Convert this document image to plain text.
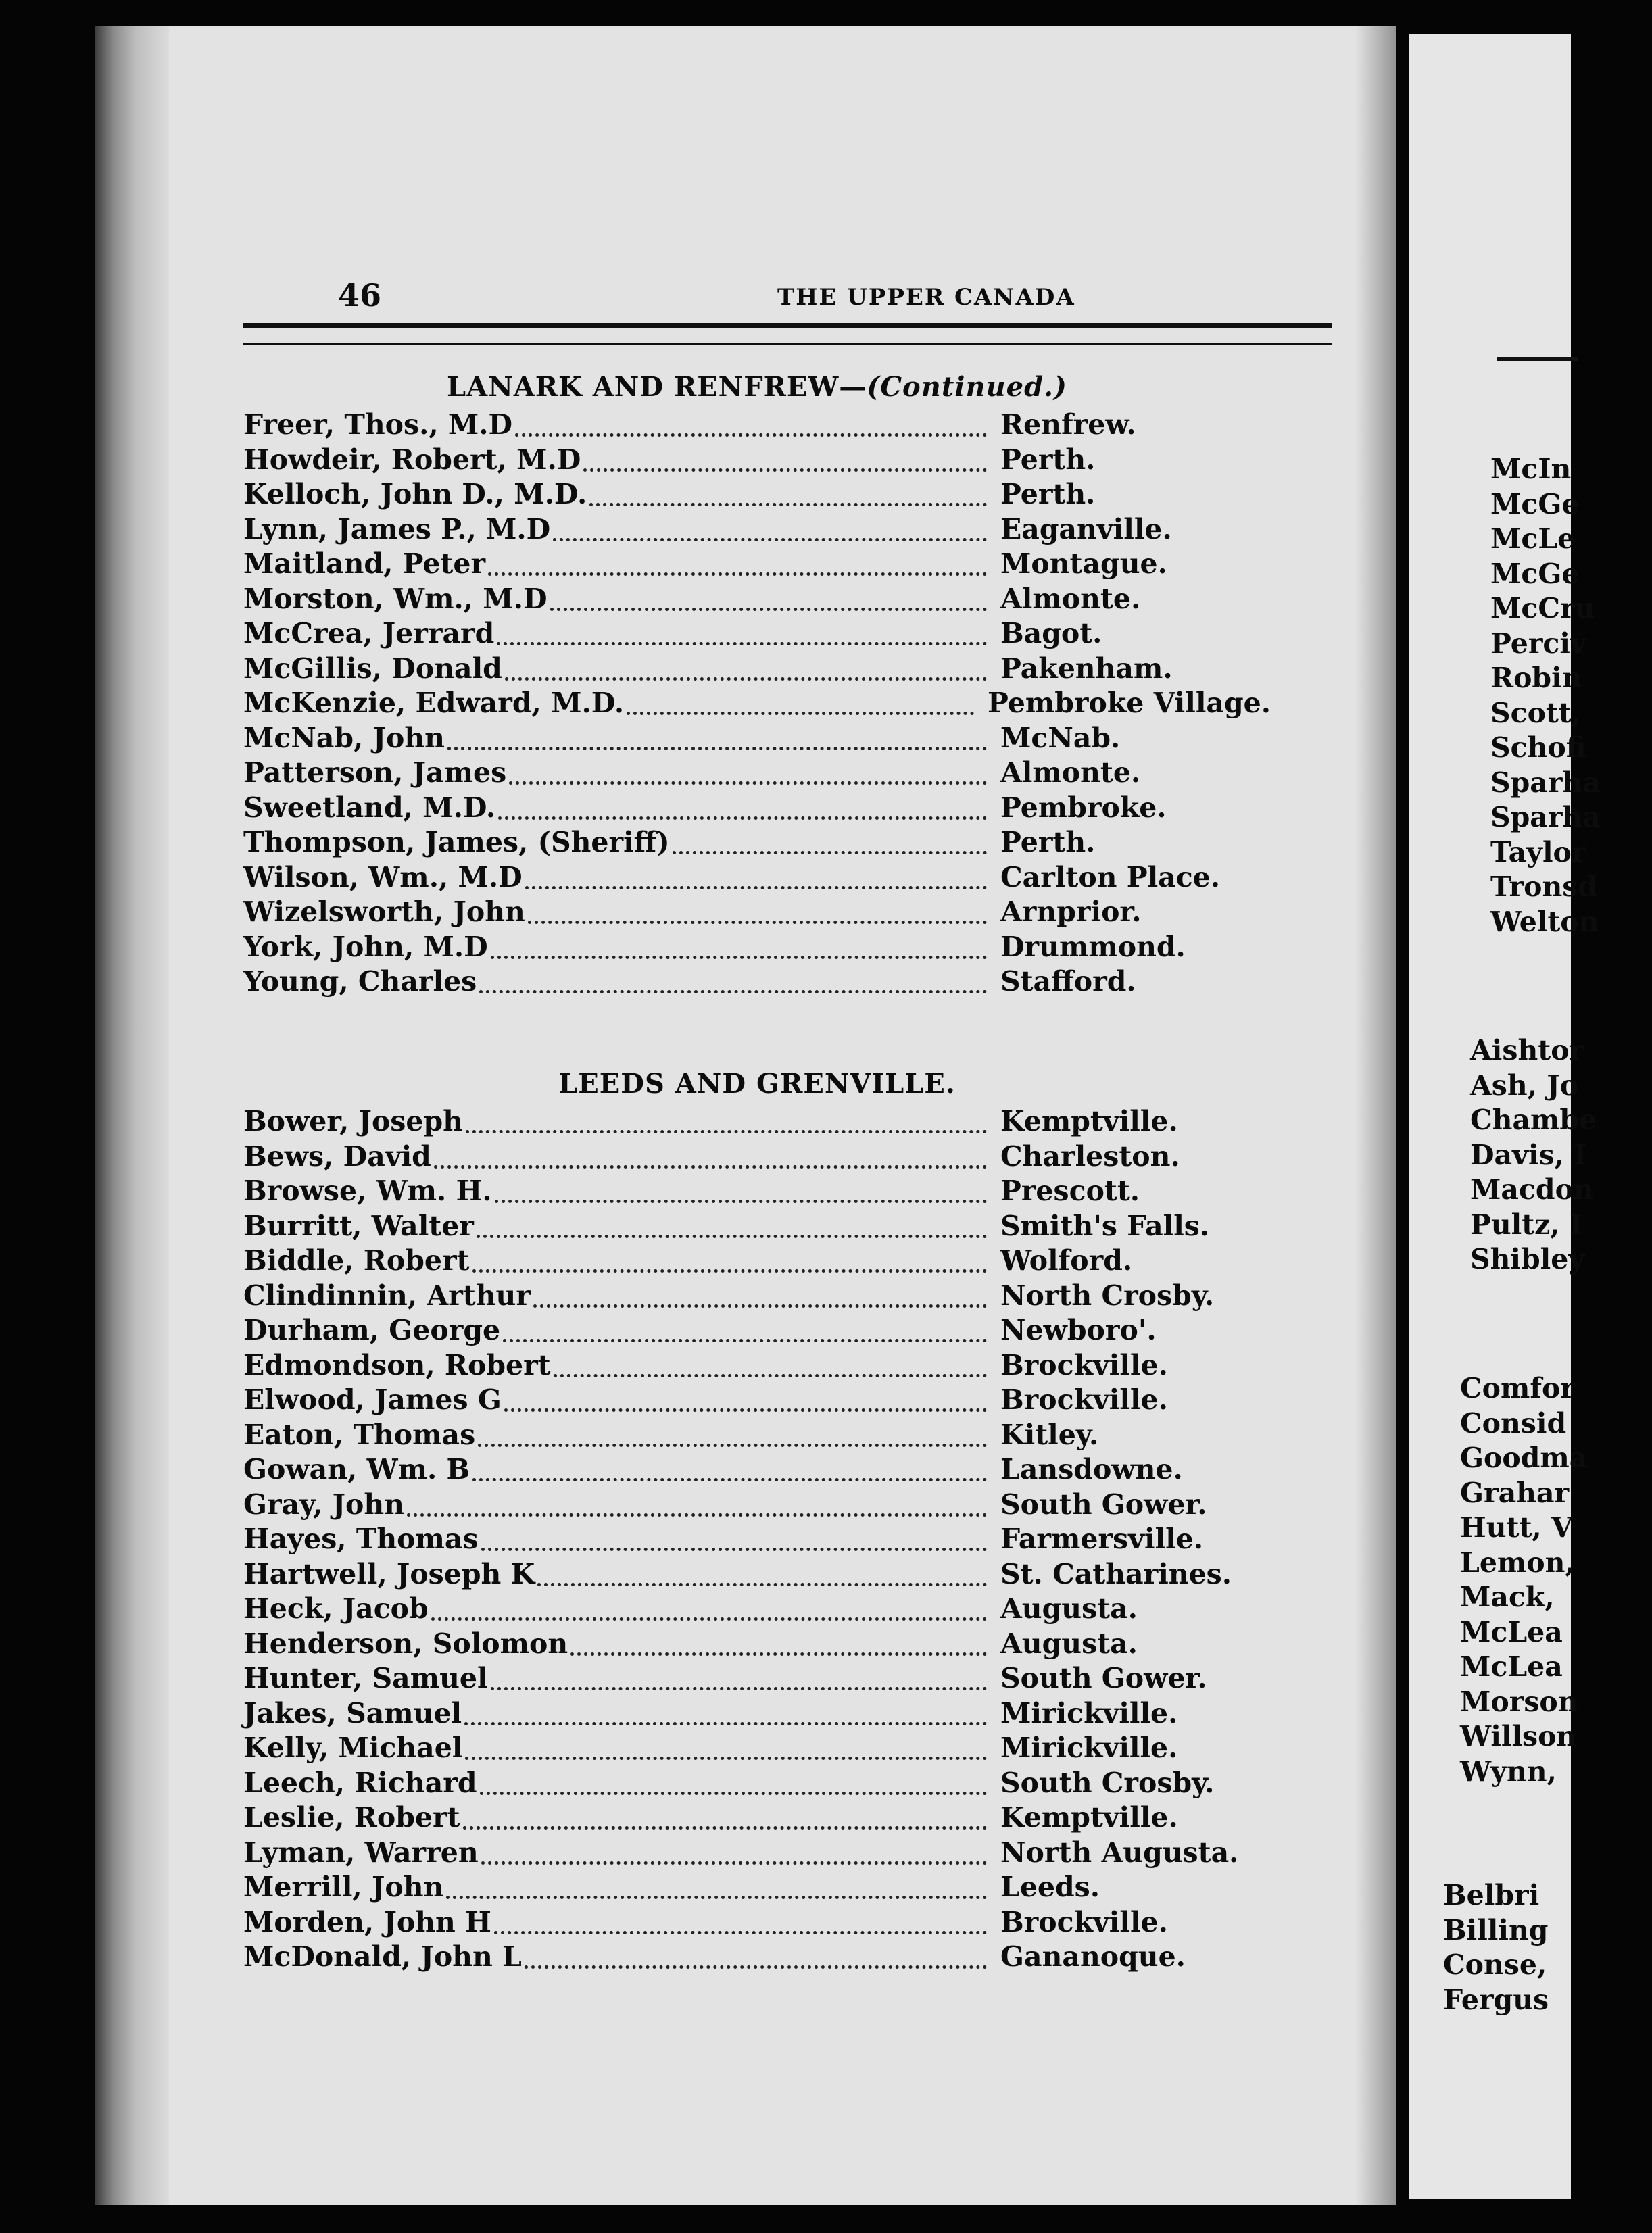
46	THE UPPER CANADA
LANARK AND RENFREW—(Continued.)
Freer, Thos., M.D	Renfrew.
Howdeir, Robert, M.D	Perth.
Kelloch, John D., M.D.	Perth.
Lynn, James P., M.D	Eaganville.
Maitland, Peter	Montague.
Morston, Wm., M.D	Almonte.
McCrea, Jerrard	Bagot.
McGillis, Donald	Pakenham.
McKenzie, Edward, M.D.	Pembroke Village.
McNab, John	McNab.
Patterson, James	Almonte.
Sweetland, M.D.	Pembroke.
Thompson, James, (Sheriff)	Perth.
Wilson, Wm., M.D	Carlton Place.
Wizelsworth, John	Arnprior.
York, John, M.D	Drummond.
Young, Charles	Stafford.
LEEDS AND GRENVILLE.
Bower, Joseph	Kemptville.
Bews, David	Charleston.
Browse, Wm. H.	Prescott.
Burritt, Walter	Smith's Falls.
Biddle, Robert	Wolford.
Clindinnin, Arthur	North Crosby.
Durham, George	Newboro'.
Edmondson, Robert	Brockville.
Elwood, James G	Brockville.
Eaton, Thomas	Kitley.
Gowan, Wm. B	Lansdowne.
Gray, John	South Gower.
Hayes, Thomas	Farmersville.
Hartwell, Joseph K	St. Catharines.
Heck, Jacob	Augusta.
Henderson, Solomon	Augusta.
Hunter, Samuel	South Gower.
Jakes, Samuel	Mirickville.
Kelly, Michael	Mirickville.
Leech, Richard	South Crosby.
Leslie, Robert	Kemptville.
Lyman, Warren	North Augusta.
Merrill, John	Leeds.
Morden, John H	Brockville.
McDonald, John L	Gananoque.
McIn
McGe
McLe
McGe
McCru
Perciv
Robin
Scott,
Schofi
Sparha
Sparha
Taylor
Tronsd
Welton
Aishtor
Ash, Jo
Chambe
Davis, I
Macdon
Pultz, I
Shibley
Comfor
Consid
Goodma
Grahar
Hutt, V
Lemon,
Mack,
McLea
McLea
Morson
Willson
Wynn,
Belbri
Billing
Conse,
Fergus
